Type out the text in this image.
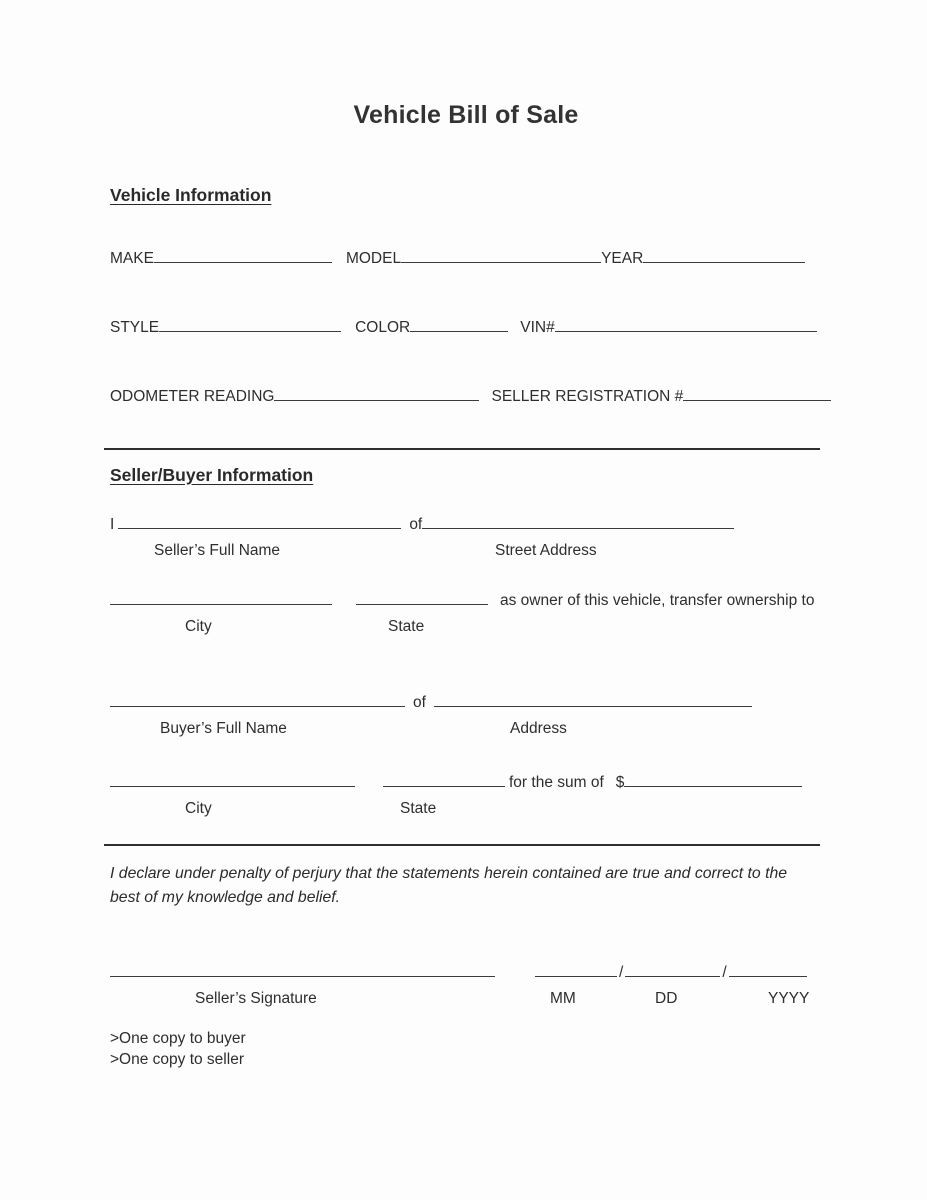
Vehicle Bill of Sale
Vehicle Information
MAKE	MODEL	YEAR
STYLE	COLOR	VIN#
ODOMETER READING	SELLER REGISTRATION #
Seller/Buyer Information
I	of
Seller’s Full Name	Street Address
as owner of this vehicle, transfer ownership to
City	State
of
Buyer’s Full Name	Address
for the sum of $
City	State
I declare under penalty of perjury that the statements herein contained are true and correct to the best of my knowledge and belief.
/	/
Seller’s Signature	MM	DD	YYYY
>One copy to buyer
>One copy to seller
